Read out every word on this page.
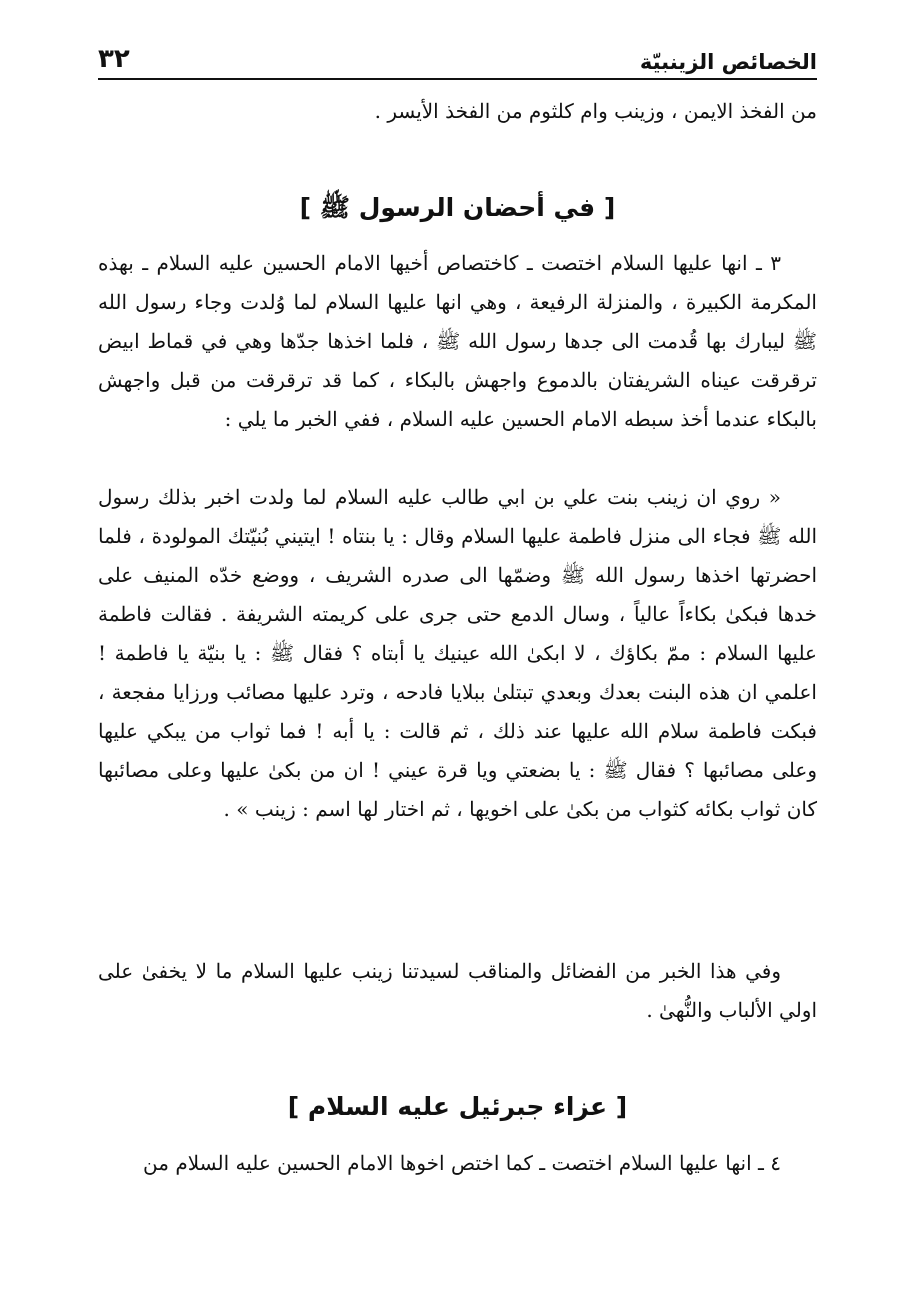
الخصائص الزينبيّة
٣٢

من الفخذ الايمن ، وزينب وام كلثوم من الفخذ الأيسر .

[ في أحضان الرسول ﷺ ]

٣ ـ انها عليها السلام اختصت ـ كاختصاص أخيها الامام الحسين عليه السلام ـ بهذه المكرمة الكبيرة ، والمنزلة الرفيعة ، وهي انها عليها السلام لما وُلدت وجاء رسول الله ﷺ ليبارك بها قُدمت الى جدها رسول الله ﷺ ، فلما اخذها جدّها وهي في قماط ابيض ترقرقت عيناه الشريفتان بالدموع واجهش بالبكاء ، كما قد ترقرقت من قبل واجهش بالبكاء عندما أخذ سبطه الامام الحسين عليه السلام ، ففي الخبر ما يلي :

« روي ان زينب بنت علي بن ابي طالب عليه السلام لما ولدت اخبر بذلك رسول الله ﷺ فجاء الى منزل فاطمة عليها السلام وقال : يا بنتاه ! ايتيني بُنيّتك المولودة ، فلما احضرتها اخذها رسول الله ﷺ وضمّها الى صدره الشريف ، ووضع خدّه المنيف على خدها فبكىٰ بكاءاً عالياً ، وسال الدمع حتى جرى على كريمته الشريفة . فقالت فاطمة عليها السلام : ممّ بكاؤك ، لا ابكىٰ الله عينيك يا أبتاه ؟ فقال ﷺ : يا بنيّة يا فاطمة ! اعلمي ان هذه البنت بعدك وبعدي تبتلىٰ ببلايا فادحه ، وترد عليها مصائب ورزايا مفجعة ، فبكت فاطمة سلام الله عليها عند ذلك ، ثم قالت : يا أبه ! فما ثواب من يبكي عليها وعلى مصائبها ؟ فقال ﷺ : يا بضعتي ويا قرة عيني ! ان من بكىٰ عليها وعلى مصائبها كان ثواب بكائه كثواب من بكىٰ على اخويها ، ثم اختار لها اسم : زينب » .

وفي هذا الخبر من الفضائل والمناقب لسيدتنا زينب عليها السلام ما لا يخفىٰ على اولي الألباب والنُّهىٰ .

[ عزاء جبرئيل عليه السلام ]

٤ ـ انها عليها السلام اختصت ـ كما اختص اخوها الامام الحسين عليه السلام من
